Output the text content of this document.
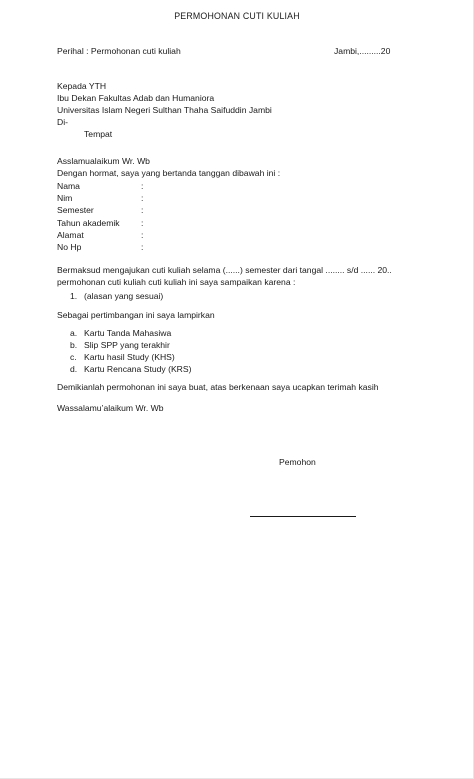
PERMOHONAN CUTI KULIAH
Perihal : Permohonan cuti kuliah	Jambi,.........20
Kepada YTH
Ibu Dekan Fakultas Adab dan Humaniora
Universitas Islam Negeri Sulthan Thaha Saifuddin Jambi
Di-
Tempat
Asslamualaikum Wr. Wb
Dengan hormat, saya yang bertanda tanggan dibawah ini :
Nama	:
Nim	:
Semester	:
Tahun akademik	:
Alamat	:
No Hp	:
Bermaksud mengajukan cuti kuliah selama (......) semester dari tangal ........ s/d ...... 20..
permohonan cuti kuliah cuti kuliah ini saya sampaikan karena :
1. (alasan yang sesuai)
Sebagai pertimbangan ini saya lampirkan
a. Kartu Tanda Mahasiwa
b. Slip SPP yang terakhir
c. Kartu hasil Study (KHS)
d. Kartu Rencana Study (KRS)
Demikianlah permohonan ini saya buat, atas berkenaan saya ucapkan terimah kasih
Wassalamu’alaikum Wr. Wb
Pemohon
